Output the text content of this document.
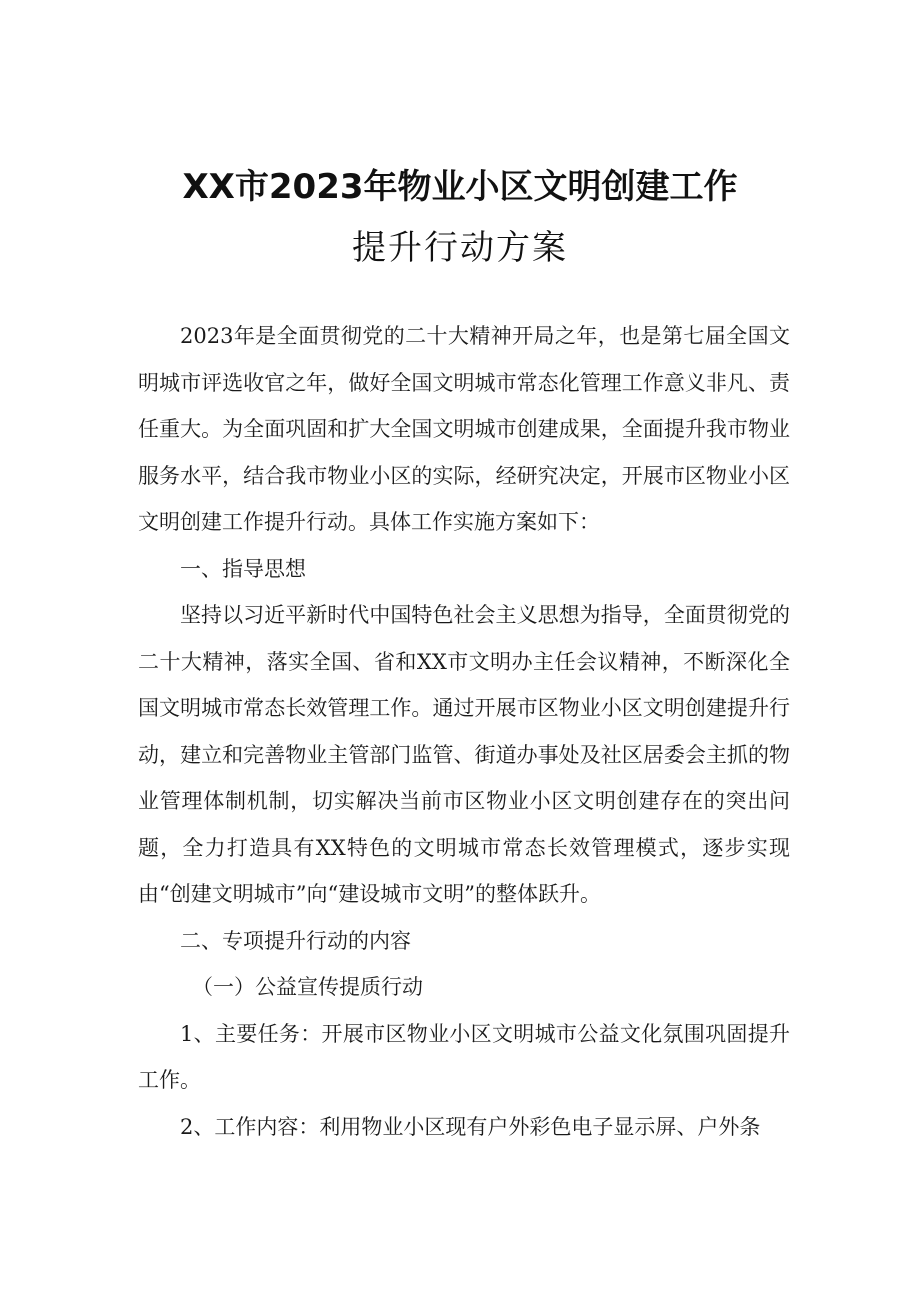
XX市2023年物业小区文明创建工作
提升行动方案

2023年是全面贯彻党的二十大精神开局之年，也是第七届全国文明城市评选收官之年，做好全国文明城市常态化管理工作意义非凡、责任重大。为全面巩固和扩大全国文明城市创建成果，全面提升我市物业服务水平，结合我市物业小区的实际，经研究决定，开展市区物业小区文明创建工作提升行动。具体工作实施方案如下：

一、指导思想

坚持以习近平新时代中国特色社会主义思想为指导，全面贯彻党的二十大精神，落实全国、省和XX市文明办主任会议精神，不断深化全国文明城市常态长效管理工作。通过开展市区物业小区文明创建提升行动，建立和完善物业主管部门监管、街道办事处及社区居委会主抓的物业管理体制机制，切实解决当前市区物业小区文明创建存在的突出问题，全力打造具有XX特色的文明城市常态长效管理模式，逐步实现由“创建文明城市”向“建设城市文明”的整体跃升。

二、专项提升行动的内容

（一）公益宣传提质行动

1、主要任务：开展市区物业小区文明城市公益文化氛围巩固提升工作。

2、工作内容：利用物业小区现有户外彩色电子显示屏、户外条
